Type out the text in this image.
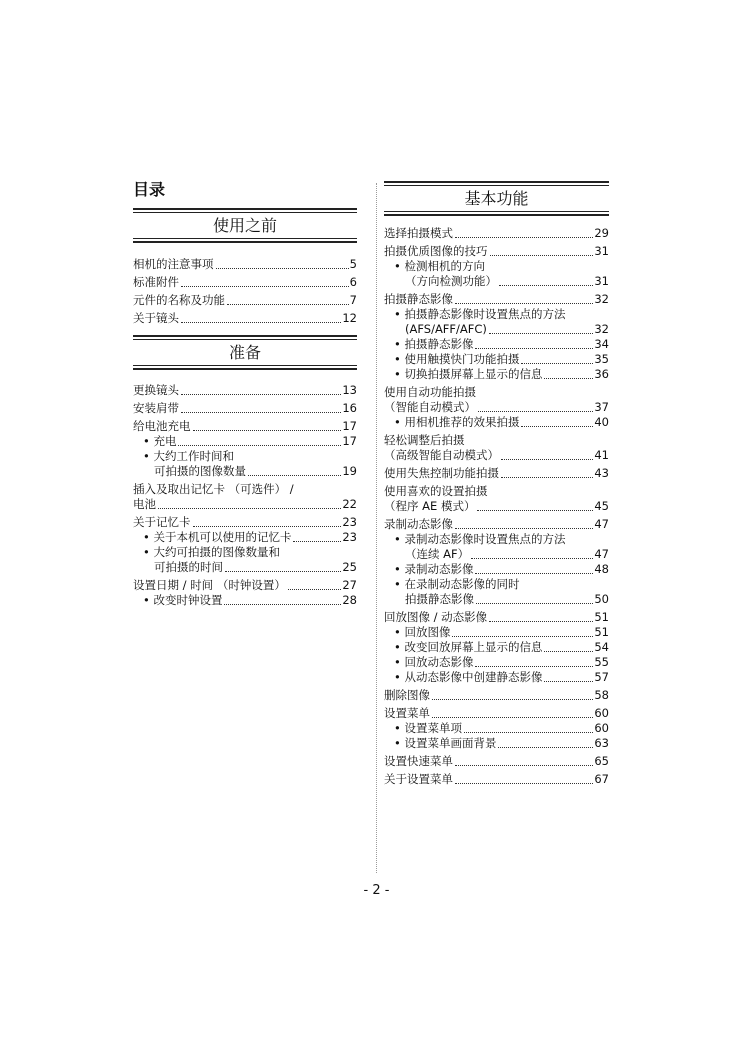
目录
使用之前
相机的注意事项	5
标准附件	6
元件的名称及功能	7
关于镜头	12
准备
更换镜头	13
安装肩带	16
给电池充电	17
• 充电	17
• 大约工作时间和
可拍摄的图像数量	19
插入及取出记忆卡 （可选件） /
电池	22
关于记忆卡	23
• 关于本机可以使用的记忆卡	23
• 大约可拍摄的图像数量和
可拍摄的时间	25
设置日期 / 时间 （时钟设置）	27
• 改变时钟设置	28
基本功能
选择拍摄模式	29
拍摄优质图像的技巧	31
• 检测相机的方向
（方向检测功能）	31
拍摄静态影像	32
• 拍摄静态影像时设置焦点的方法
(AFS/AFF/AFC)	32
• 拍摄静态影像	34
• 使用触摸快门功能拍摄	35
• 切换拍摄屏幕上显示的信息	36
使用自动功能拍摄
（智能自动模式）	37
• 用相机推荐的效果拍摄	40
轻松调整后拍摄
（高级智能自动模式）	41
使用失焦控制功能拍摄	43
使用喜欢的设置拍摄
（程序 AE 模式）	45
录制动态影像	47
• 录制动态影像时设置焦点的方法
（连续 AF）	47
• 录制动态影像	48
• 在录制动态影像的同时
拍摄静态影像	50
回放图像 / 动态影像	51
• 回放图像	51
• 改变回放屏幕上显示的信息	54
• 回放动态影像	55
• 从动态影像中创建静态影像	57
删除图像	58
设置菜单	60
• 设置菜单项	60
• 设置菜单画面背景	63
设置快速菜单	65
关于设置菜单	67
- 2 -
